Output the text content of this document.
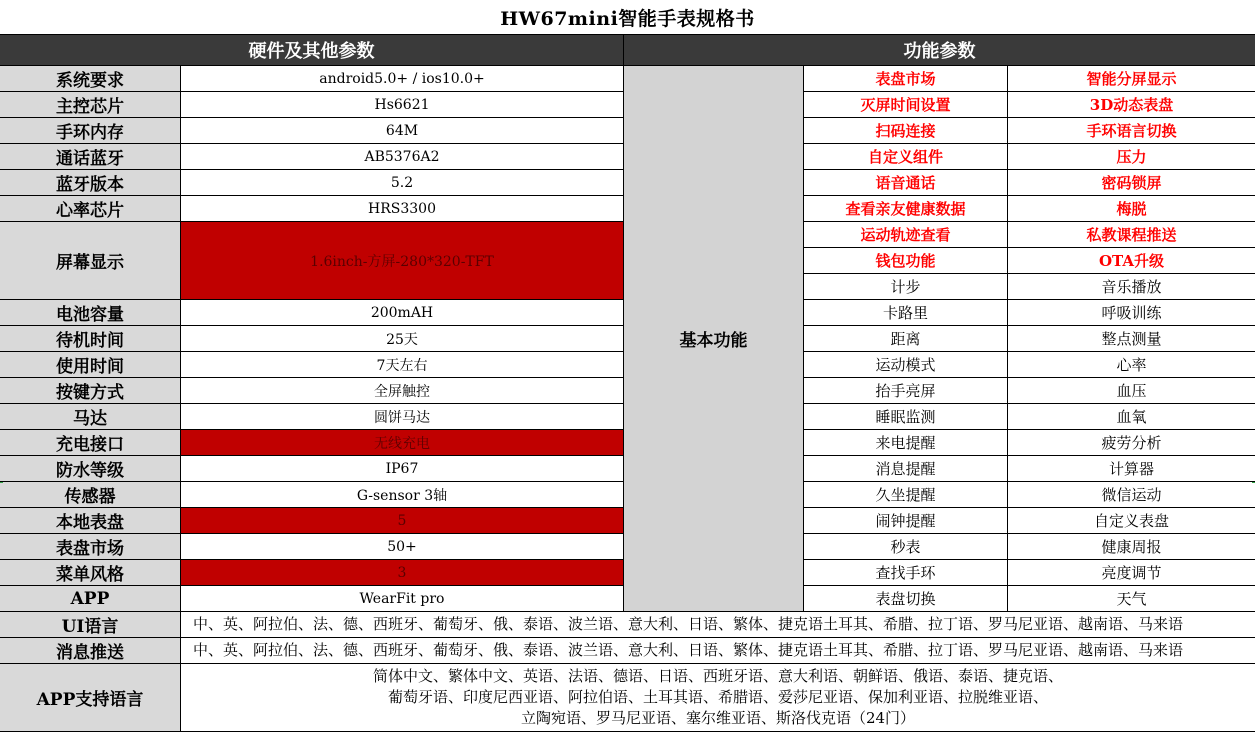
HW67mini智能手表规格书
硬件及其他参数	功能参数
基本功能
系统要求	android5.0+ / ios10.0+
主控芯片	Hs6621
手环内存	64M
通话蓝牙	AB5376A2
蓝牙版本	5.2
心率芯片	HRS3300
屏幕显示	1.6inch-方屏-280*320-TFT
电池容量	200mAH
待机时间	25天
使用时间	7天左右
按键方式	全屏触控
马达	圆饼马达
充电接口	无线充电
防水等级	IP67
传感器	G-sensor 3轴
本地表盘	5
表盘市场	50+
菜单风格	3
APP	WearFit pro
表盘市场	智能分屏显示
灭屏时间设置	3D动态表盘
扫码连接	手环语言切换
自定义组件	压力
语音通话	密码锁屏
查看亲友健康数据	梅脱
运动轨迹查看	私教课程推送
钱包功能	OTA升级
计步	音乐播放
卡路里	呼吸训练
距离	整点测量
运动模式	心率
抬手亮屏	血压
睡眠监测	血氧
来电提醒	疲劳分析
消息提醒	计算器
久坐提醒	微信运动
闹钟提醒	自定义表盘
秒表	健康周报
查找手环	亮度调节
表盘切换	天气
UI语言	中、英、阿拉伯、法、德、西班牙、葡萄牙、俄、泰语、波兰语、意大利、日语、繁体、捷克语土耳其、希腊、拉丁语、罗马尼亚语、越南语、马来语
消息推送	中、英、阿拉伯、法、德、西班牙、葡萄牙、俄、泰语、波兰语、意大利、日语、繁体、捷克语土耳其、希腊、拉丁语、罗马尼亚语、越南语、马来语
APP支持语言
简体中文、繁体中文、英语、法语、德语、日语、西班牙语、意大利语、朝鲜语、俄语、泰语、捷克语、
葡萄牙语、印度尼西亚语、阿拉伯语、土耳其语、希腊语、爱莎尼亚语、保加利亚语、拉脱维亚语、
立陶宛语、罗马尼亚语、塞尔维亚语、斯洛伐克语（24门）
